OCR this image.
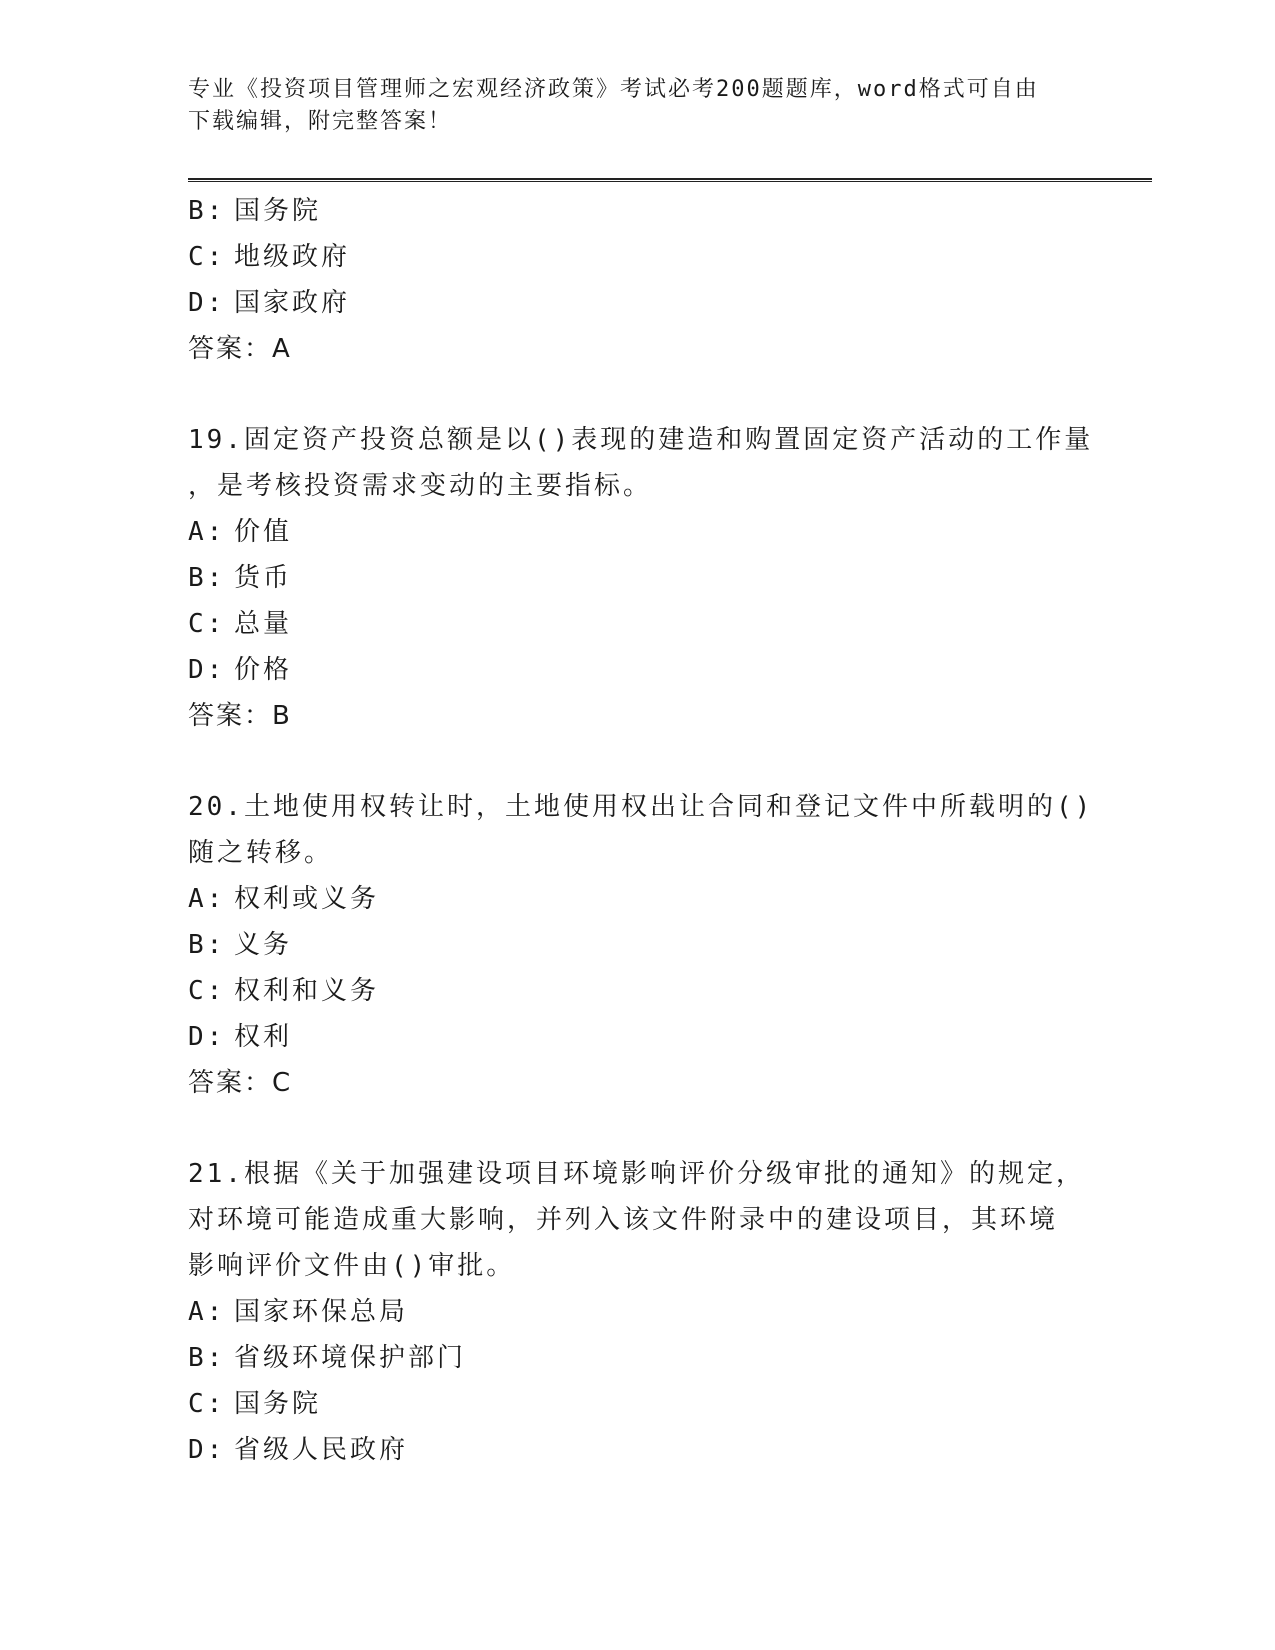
专业《投资项目管理师之宏观经济政策》考试必考200题题库，word格式可自由
下载编辑，附完整答案！
B: 国务院
C: 地级政府
D: 国家政府
答案：A
19.固定资产投资总额是以()表现的建造和购置固定资产活动的工作量
，是考核投资需求变动的主要指标。
A: 价值
B: 货币
C: 总量
D: 价格
答案：B
20.土地使用权转让时，土地使用权出让合同和登记文件中所载明的()
随之转移。
A: 权利或义务
B: 义务
C: 权利和义务
D: 权利
答案：C
21.根据《关于加强建设项目环境影响评价分级审批的通知》的规定，
对环境可能造成重大影响，并列入该文件附录中的建设项目，其环境
影响评价文件由()审批。
A: 国家环保总局
B: 省级环境保护部门
C: 国务院
D: 省级人民政府
